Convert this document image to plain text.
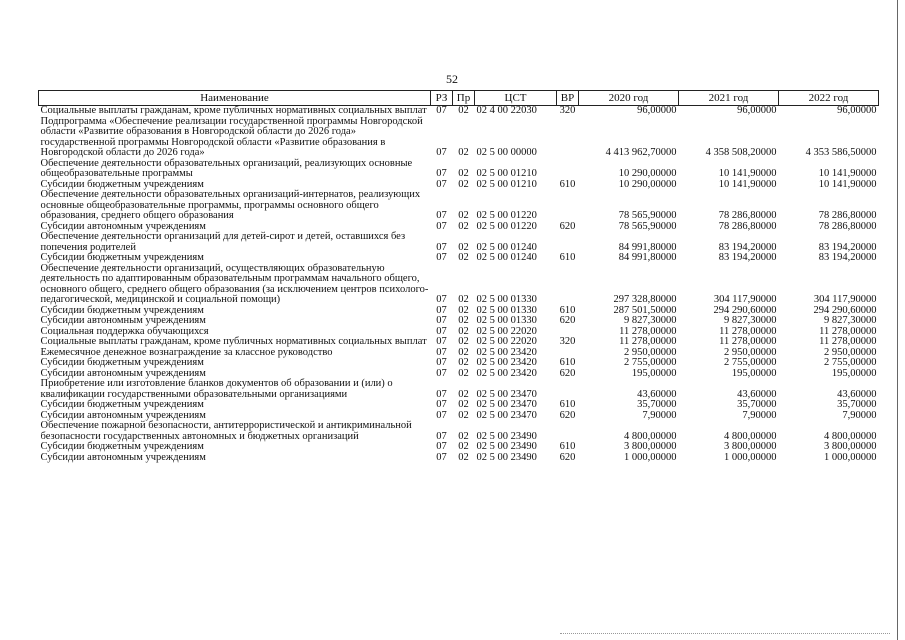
52
Наименование	РЗ	Пр	ЦСТ	ВР	2020 год	2021 год	2022 год
Социальные выплаты гражданам, кроме публичных нормативных социальных выплат	07	02	02 4 00 22030	320	96,00000	96,00000	96,00000
Подпрограмма «Обеспечение реализации государственной программы Новгородской области «Развитие образования в Новгородской области до 2026 года» государственной программы Новгородской области «Развитие образования в Новгородской области до 2026 года»	07	02	02 5 00 00000		4 413 962,70000	4 358 508,20000	4 353 586,50000
Обеспечение деятельности образовательных организаций, реализующих основные общеобразовательные программы	07	02	02 5 00 01210		10 290,00000	10 141,90000	10 141,90000
Субсидии бюджетным учреждениям	07	02	02 5 00 01210	610	10 290,00000	10 141,90000	10 141,90000
Обеспечение деятельности образовательных организаций-интернатов, реализующих основные общеобразовательные программы, программы основного общего образования, среднего общего образования	07	02	02 5 00 01220		78 565,90000	78 286,80000	78 286,80000
Субсидии автономным учреждениям	07	02	02 5 00 01220	620	78 565,90000	78 286,80000	78 286,80000
Обеспечение деятельности организаций для детей-сирот и детей, оставшихся без попечения родителей	07	02	02 5 00 01240		84 991,80000	83 194,20000	83 194,20000
Субсидии бюджетным учреждениям	07	02	02 5 00 01240	610	84 991,80000	83 194,20000	83 194,20000
Обеспечение деятельности организаций, осуществляющих образовательную деятельность по адаптированным образовательным программам начального общего, основного общего, среднего общего образования (за исключением центров психолого-педагогической, медицинской и социальной помощи)	07	02	02 5 00 01330		297 328,80000	304 117,90000	304 117,90000
Субсидии бюджетным учреждениям	07	02	02 5 00 01330	610	287 501,50000	294 290,60000	294 290,60000
Субсидии автономным учреждениям	07	02	02 5 00 01330	620	9 827,30000	9 827,30000	9 827,30000
Социальная поддержка обучающихся	07	02	02 5 00 22020		11 278,00000	11 278,00000	11 278,00000
Социальные выплаты гражданам, кроме публичных нормативных социальных выплат	07	02	02 5 00 22020	320	11 278,00000	11 278,00000	11 278,00000
Ежемесячное денежное вознаграждение за классное руководство	07	02	02 5 00 23420		2 950,00000	2 950,00000	2 950,00000
Субсидии бюджетным учреждениям	07	02	02 5 00 23420	610	2 755,00000	2 755,00000	2 755,00000
Субсидии автономным учреждениям	07	02	02 5 00 23420	620	195,00000	195,00000	195,00000
Приобретение или изготовление бланков документов об образовании и (или) о квалификации государственными образовательными организациями	07	02	02 5 00 23470		43,60000	43,60000	43,60000
Субсидии бюджетным учреждениям	07	02	02 5 00 23470	610	35,70000	35,70000	35,70000
Субсидии автономным учреждениям	07	02	02 5 00 23470	620	7,90000	7,90000	7,90000
Обеспечение пожарной безопасности, антитеррористической и антикриминальной безопасности государственных автономных и бюджетных организаций	07	02	02 5 00 23490		4 800,00000	4 800,00000	4 800,00000
Субсидии бюджетным учреждениям	07	02	02 5 00 23490	610	3 800,00000	3 800,00000	3 800,00000
Субсидии автономным учреждениям	07	02	02 5 00 23490	620	1 000,00000	1 000,00000	1 000,00000
